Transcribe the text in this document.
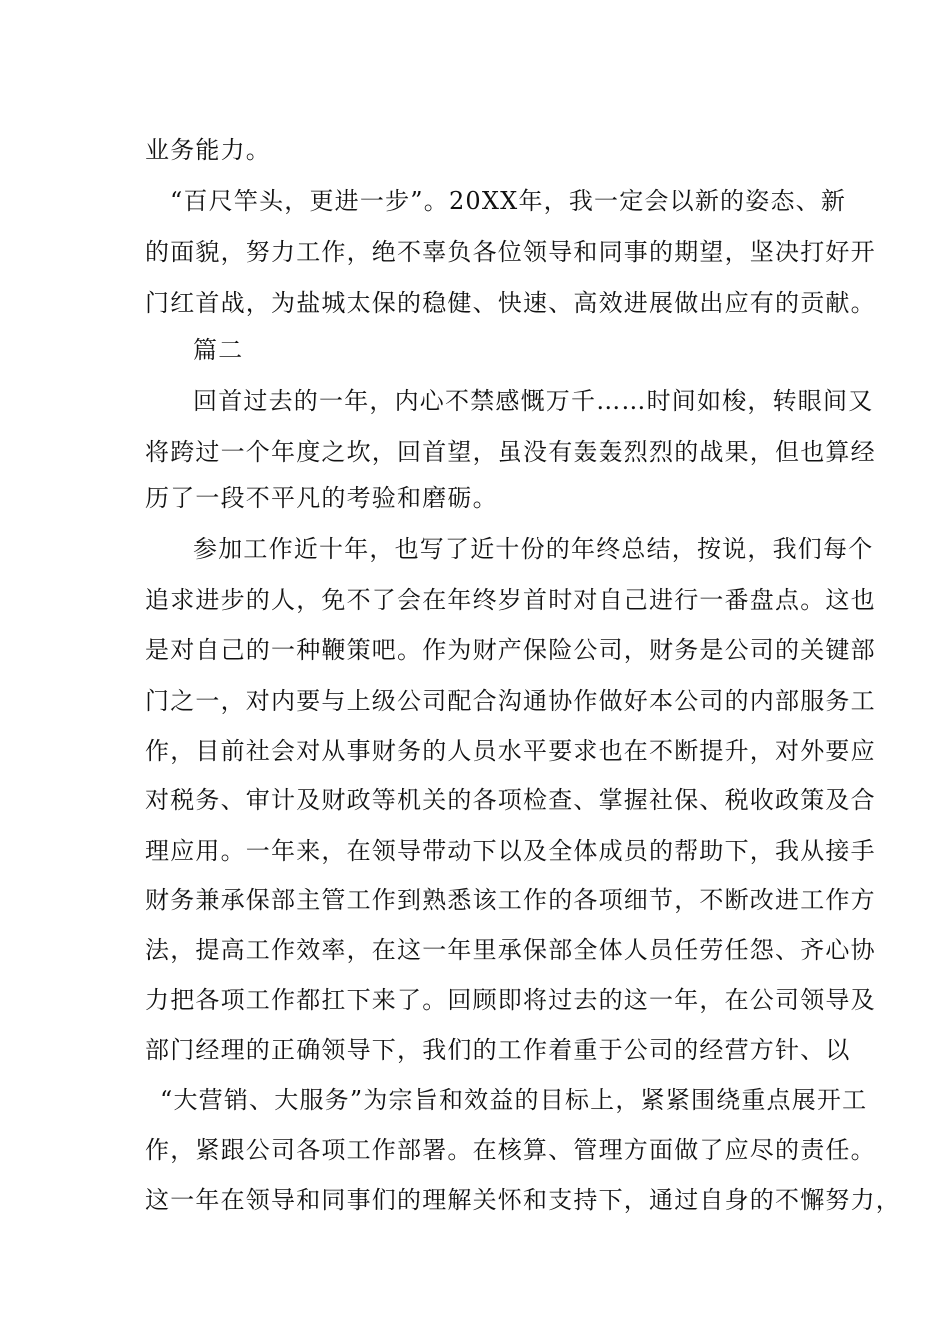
业务能力。
“百尺竿头，更进一步”。20XX年，我一定会以新的姿态、新
的面貌，努力工作，绝不辜负各位领导和同事的期望，坚决打好开
门红首战，为盐城太保的稳健、快速、高效进展做出应有的贡献。
篇二
回首过去的一年，内心不禁感慨万千……时间如梭，转眼间又
将跨过一个年度之坎，回首望，虽没有轰轰烈烈的战果，但也算经
历了一段不平凡的考验和磨砺。
参加工作近十年，也写了近十份的年终总结，按说，我们每个
追求进步的人，免不了会在年终岁首时对自己进行一番盘点。这也
是对自己的一种鞭策吧。作为财产保险公司，财务是公司的关键部
门之一，对内要与上级公司配合沟通协作做好本公司的内部服务工
作，目前社会对从事财务的人员水平要求也在不断提升，对外要应
对税务、审计及财政等机关的各项检查、掌握社保、税收政策及合
理应用。一年来，在领导带动下以及全体成员的帮助下，我从接手
财务兼承保部主管工作到熟悉该工作的各项细节，不断改进工作方
法，提高工作效率，在这一年里承保部全体人员任劳任怨、齐心协
力把各项工作都扛下来了。回顾即将过去的这一年，在公司领导及
部门经理的正确领导下，我们的工作着重于公司的经营方针、以
“大营销、大服务”为宗旨和效益的目标上，紧紧围绕重点展开工
作，紧跟公司各项工作部署。在核算、管理方面做了应尽的责任。
这一年在领导和同事们的理解关怀和支持下，通过自身的不懈努力，
